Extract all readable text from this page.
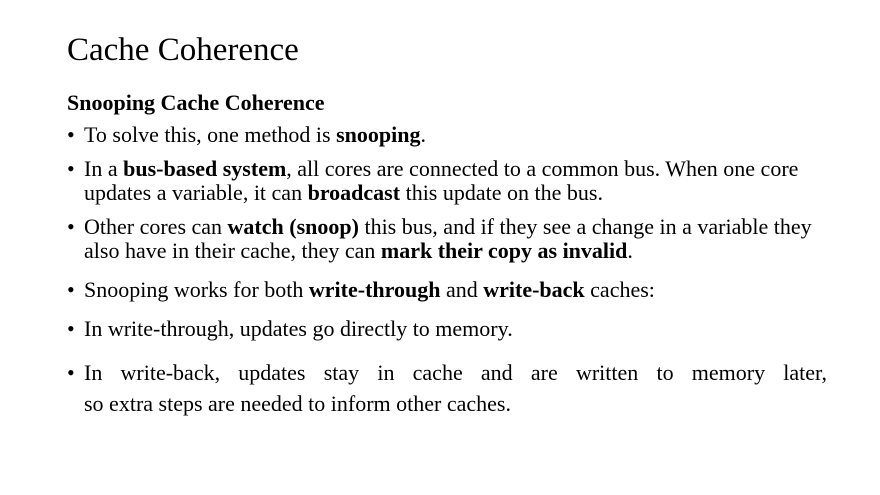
Cache Coherence
Snooping Cache Coherence
• To solve this, one method is snooping.
• In a bus-based system, all cores are connected to a common bus. When one core updates a variable, it can broadcast this update on the bus.
• Other cores can watch (snoop) this bus, and if they see a change in a variable they also have in their cache, they can mark their copy as invalid.
• Snooping works for both write-through and write-back caches:
• In write-through, updates go directly to memory.
• In write-back, updates stay in cache and are written to memory later,
so extra steps are needed to inform other caches.
